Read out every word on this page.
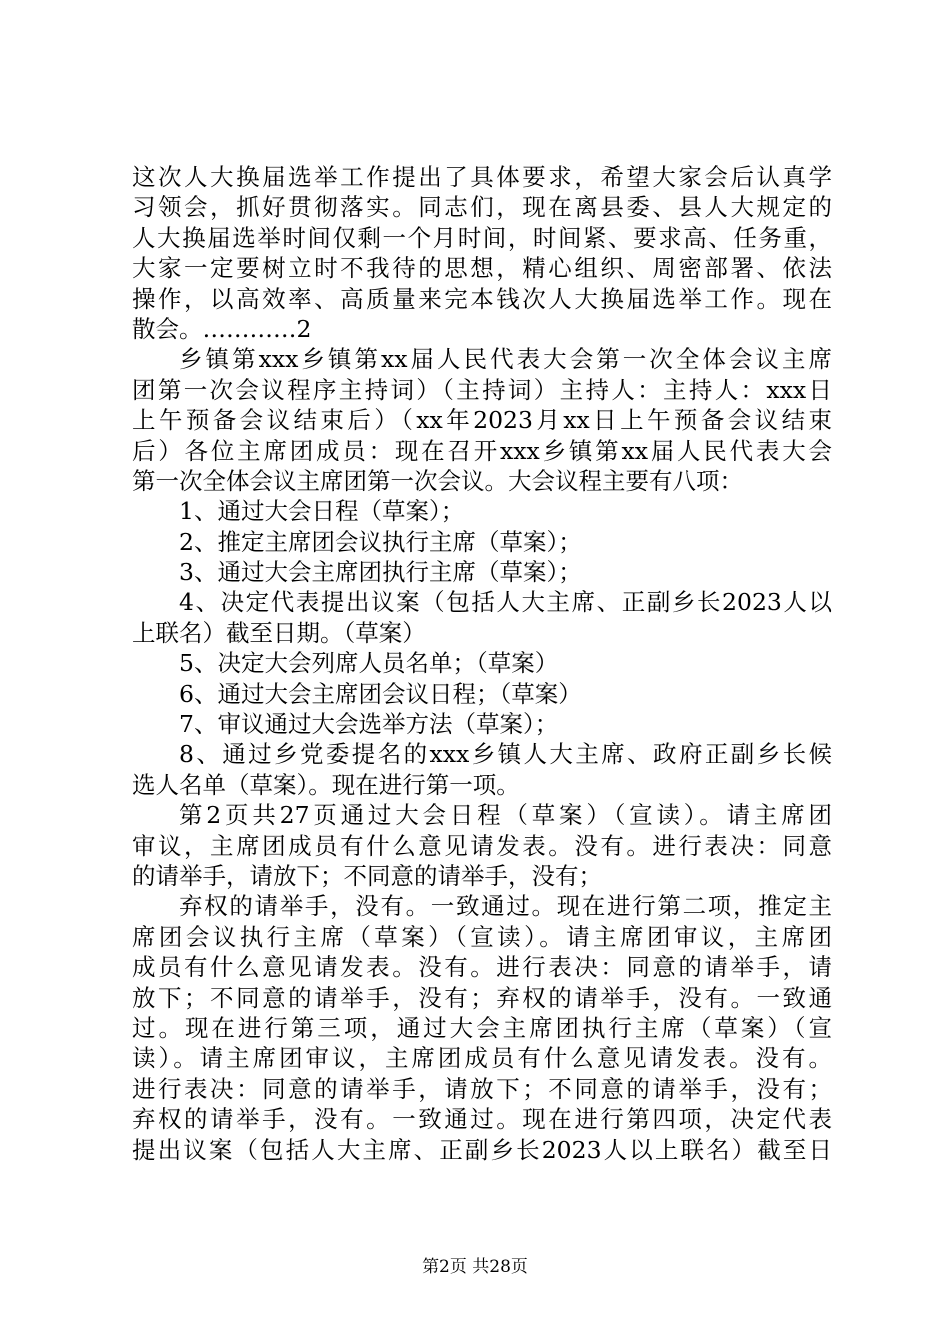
这次人大换届选举工作提出了具体要求，希望大家会后认真学
习领会，抓好贯彻落实。同志们，现在离县委、县人大规定的
人大换届选举时间仅剩一个月时间，时间紧、要求高、任务重，
大家一定要树立时不我待的思想，精心组织、周密部署、依法
操作，以高效率、高质量来完本钱次人大换届选举工作。现在
散会。…………2
乡镇第xxx乡镇第xx届人民代表大会第一次全体会议主席
团第一次会议程序主持词）（主持词）主持人：主持人：xxx日
上午预备会议结束后）（xx年2023月xx日上午预备会议结束
后）各位主席团成员：现在召开xxx乡镇第xx届人民代表大会
第一次全体会议主席团第一次会议。大会议程主要有八项：
1、通过大会日程（草案）；
2、推定主席团会议执行主席（草案）；
3、通过大会主席团执行主席（草案）；
4、决定代表提出议案（包括人大主席、正副乡长2023人以
上联名）截至日期。（草案）
5、决定大会列席人员名单；（草案）
6、通过大会主席团会议日程；（草案）
7、审议通过大会选举方法（草案）；
8、通过乡党委提名的xxx乡镇人大主席、政府正副乡长候
选人名单（草案）。现在进行第一项。
第2页共27页通过大会日程（草案）（宣读）。请主席团
审议，主席团成员有什么意见请发表。没有。进行表决：同意
的请举手，请放下；不同意的请举手，没有；
弃权的请举手，没有。一致通过。现在进行第二项，推定主
席团会议执行主席（草案）（宣读）。请主席团审议，主席团
成员有什么意见请发表。没有。进行表决：同意的请举手，请
放下；不同意的请举手，没有；弃权的请举手，没有。一致通
过。现在进行第三项，通过大会主席团执行主席（草案）（宣
读）。请主席团审议，主席团成员有什么意见请发表。没有。
进行表决：同意的请举手，请放下；不同意的请举手，没有；
弃权的请举手，没有。一致通过。现在进行第四项，决定代表
提出议案（包括人大主席、正副乡长2023人以上联名）截至日
第2页 共28页
